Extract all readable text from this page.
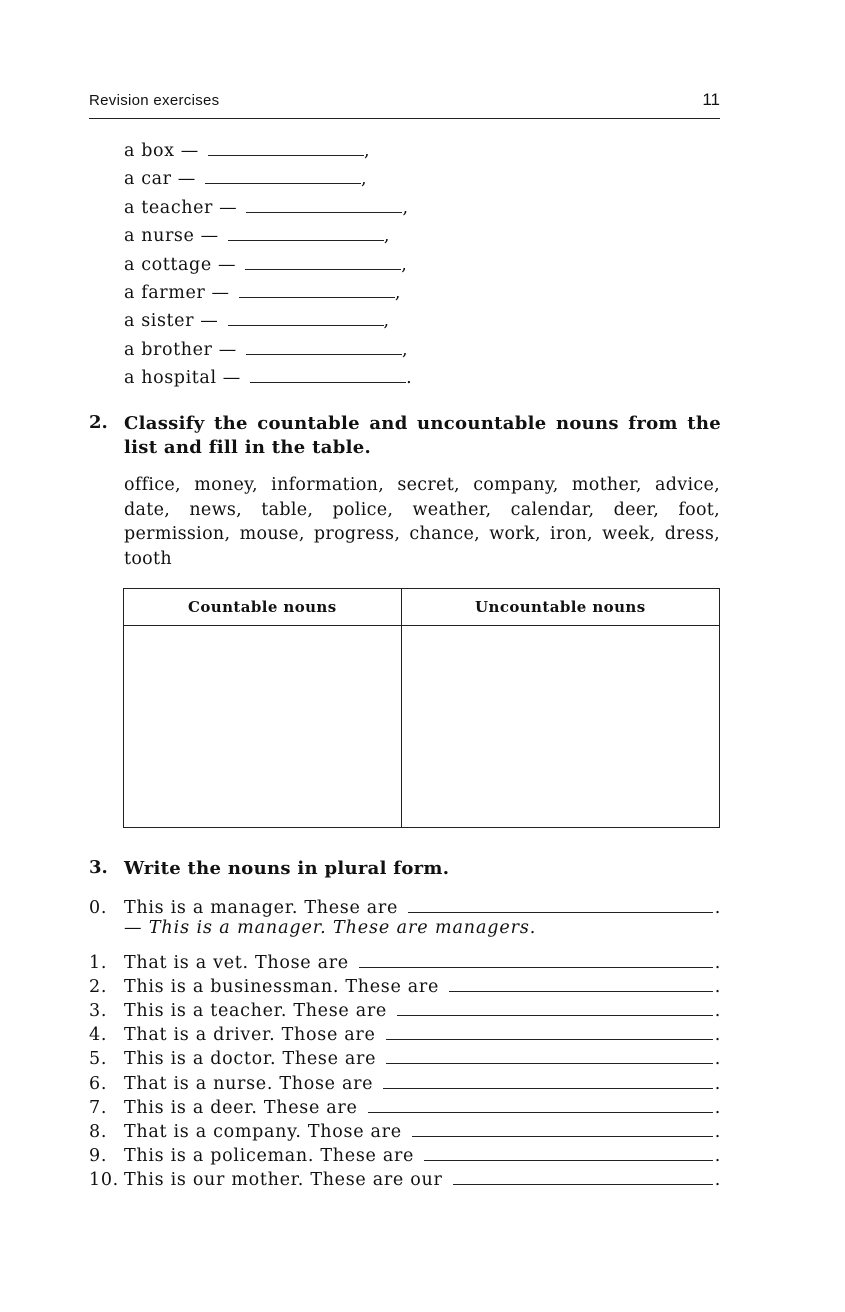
Revision exercises	11
a box —	,
a car —	,
a teacher —	,
a nurse —	,
a cottage —	,
a farmer —	,
a sister —	,
a brother —	,
a hospital —	.
2. Classify the countable and uncountable nouns from the list and fill in the table.

office, money, information, secret, company, mother, advice, date, news, table, police, weather, calendar, deer, foot, permission, mouse, progress, chance, work, iron, week, dress, tooth

Countable nouns	Uncountable nouns

3. Write the nouns in plural form.
0. This is a manager. These are	.
— This is a manager. These are managers.
1. That is a vet. Those are	.
2. This is a businessman. These are	.
3. This is a teacher. These are	.
4. That is a driver. Those are	.
5. This is a doctor. These are	.
6. That is a nurse. Those are	.
7. This is a deer. These are	.
8. That is a company. Those are	.
9. This is a policeman. These are	.
10. This is our mother. These are our	.
